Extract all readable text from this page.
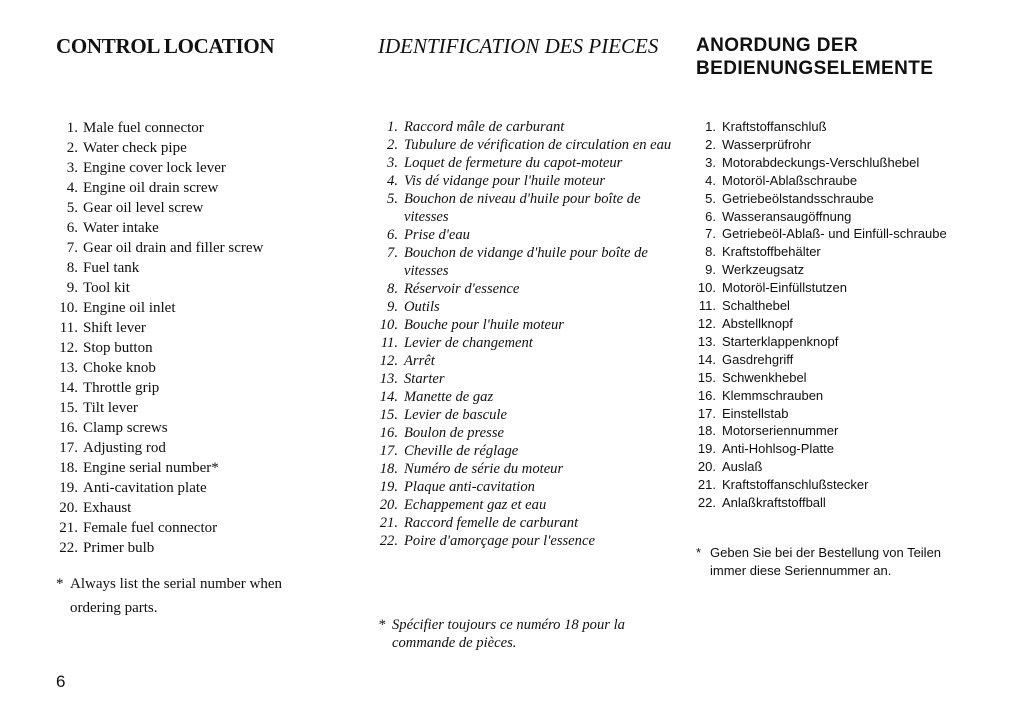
CONTROL LOCATION
1. Male fuel connector
2. Water check pipe
3. Engine cover lock lever
4. Engine oil drain screw
5. Gear oil level screw
6. Water intake
7. Gear oil drain and filler screw
8. Fuel tank
9. Tool kit
10. Engine oil inlet
11. Shift lever
12. Stop button
13. Choke knob
14. Throttle grip
15. Tilt lever
16. Clamp screws
17. Adjusting rod
18. Engine serial number*
19. Anti-cavitation plate
20. Exhaust
21. Female fuel connector
22. Primer bulb
* Always list the serial number when ordering parts.
IDENTIFICATION DES PIECES
1. Raccord mâle de carburant
2. Tubulure de vérification de circulation en eau
3. Loquet de fermeture du capot-moteur
4. Vis dé vidange pour l'huile moteur
5. Bouchon de niveau d'huile pour boîte de vitesses
6. Prise d'eau
7. Bouchon de vidange d'huile pour boîte de vitesses
8. Réservoir d'essence
9. Outils
10. Bouche pour l'huile moteur
11. Levier de changement
12. Arrêt
13. Starter
14. Manette de gaz
15. Levier de bascule
16. Boulon de presse
17. Cheville de réglage
18. Numéro de série du moteur
19. Plaque anti-cavitation
20. Echappement gaz et eau
21. Raccord femelle de carburant
22. Poire d'amorçage pour l'essence
* Spécifier toujours ce numéro 18 pour la commande de pièces.
ANORDUNG DER BEDIENUNGSELEMENTE
1. Kraftstoffanschluß
2. Wasserprüfrohr
3. Motorabdeckungs-Verschlußhebel
4. Motoröl-Ablaßschraube
5. Getriebeölstandsschraube
6. Wasseransaugöffnung
7. Getriebeöl-Ablaß- und Einfüll-schraube
8. Kraftstoffbehälter
9. Werkzeugsatz
10. Motoröl-Einfüllstutzen
11. Schalthebel
12. Abstellknopf
13. Starterklappenknopf
14. Gasdrehgriff
15. Schwenkhebel
16. Klemmschrauben
17. Einstellstab
18. Motorseriennummer
19. Anti-Hohlsog-Platte
20. Auslaß
21. Kraftstoffanschlußstecker
22. Anlaßkraftstoffball
* Geben Sie bei der Bestellung von Teilen immer diese Seriennummer an.
6
